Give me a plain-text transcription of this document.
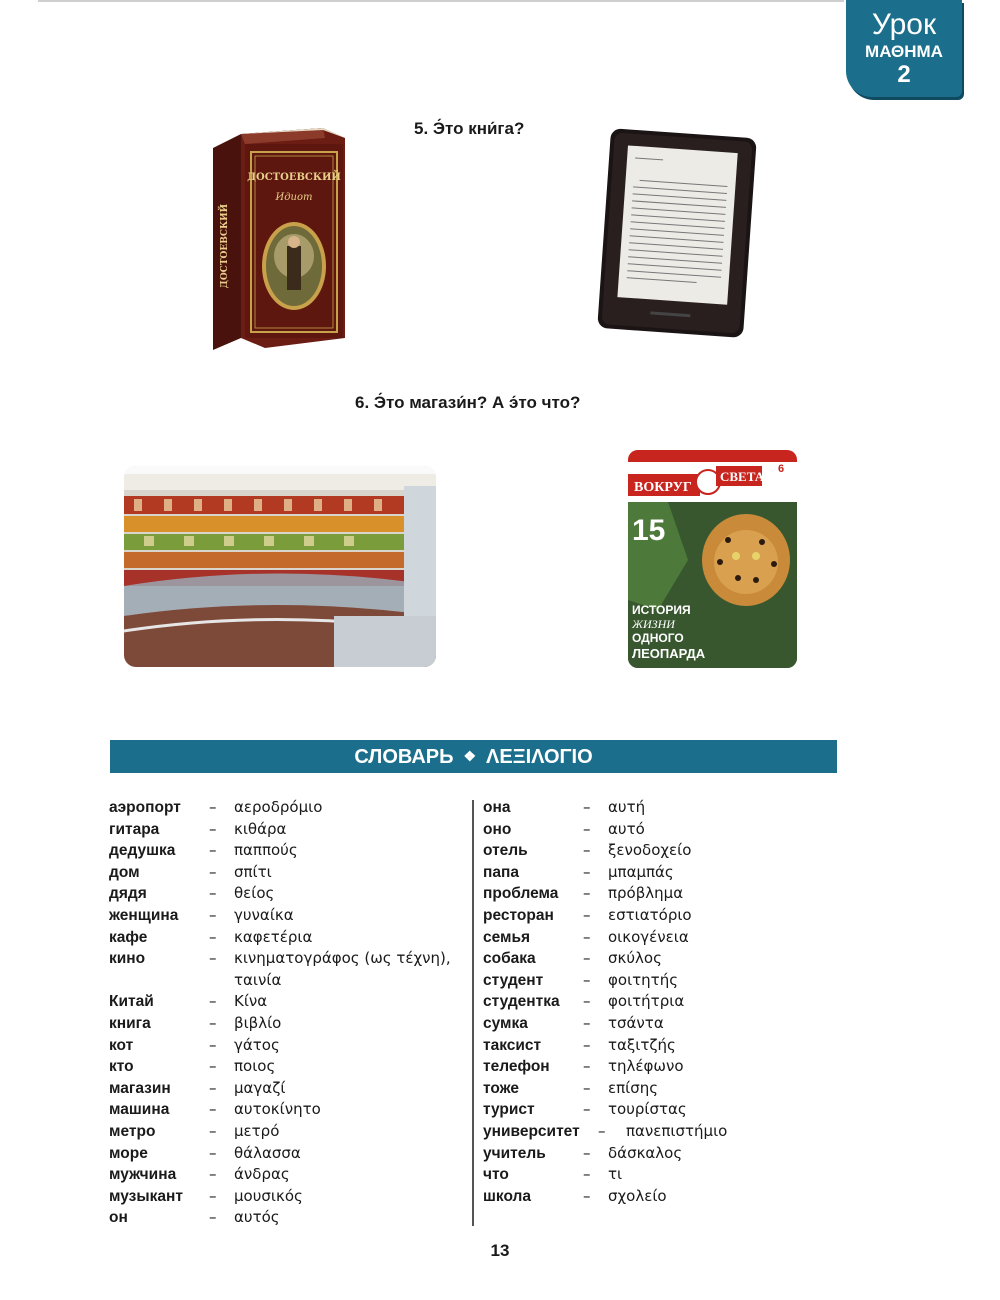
Урок
ΜΑΘΗΜΑ
2
5. Э́то кни́га?
ДОСТОЕВСКИЙ
Идиот
ДОСТОЕВСКИЙ
6. Э́то магази́н? А э́то что?
ВОКРУГ
СВЕТА 6
15
ИСТОРИЯ
ЖИЗНИ
ОДНОГО
ЛЕОПАРДА
СЛОВАРЬ ❖ ΛΕΞΙΛΟΓΙΟ
аэропорт – αεροδρόμιο
гитара	– κιθάρα
дедушка – παππούς
дом	– σπίτι
дядя	– θείος
женщина – γυναίκα
кафе	– καφετέρια
кино	– κινηματογράφος (ως τέχνη), ταινία
Китай	– Κίνα
книга	– βιβλίο
кот	– γάτος
кто	– ποιος
магазин	– μαγαζί
машина	– αυτοκίνητο
метро	– μετρό
море	– θάλασσα
мужчина – άνδρας
музыкант – μουσικός
он	– αυτός
она	– αυτή
оно	– αυτό
отель	– ξενοδοχείο
папа	– μπαμπάς
проблема – πρόβλημα
ресторан – εστιατόριο
семья	– οικογένεια
собака	– σκύλος
студент	– φοιτητής
студентка – φοιτήτρια
сумка	– τσάντα
таксист	– ταξιτζής
телефон – τηλέφωνο
тоже	– επίσης
турист	– τουρίστας
университет – πανεπιστήμιο
учитель – δάσκαλος
что	– τι
школа	– σχολείο
13
